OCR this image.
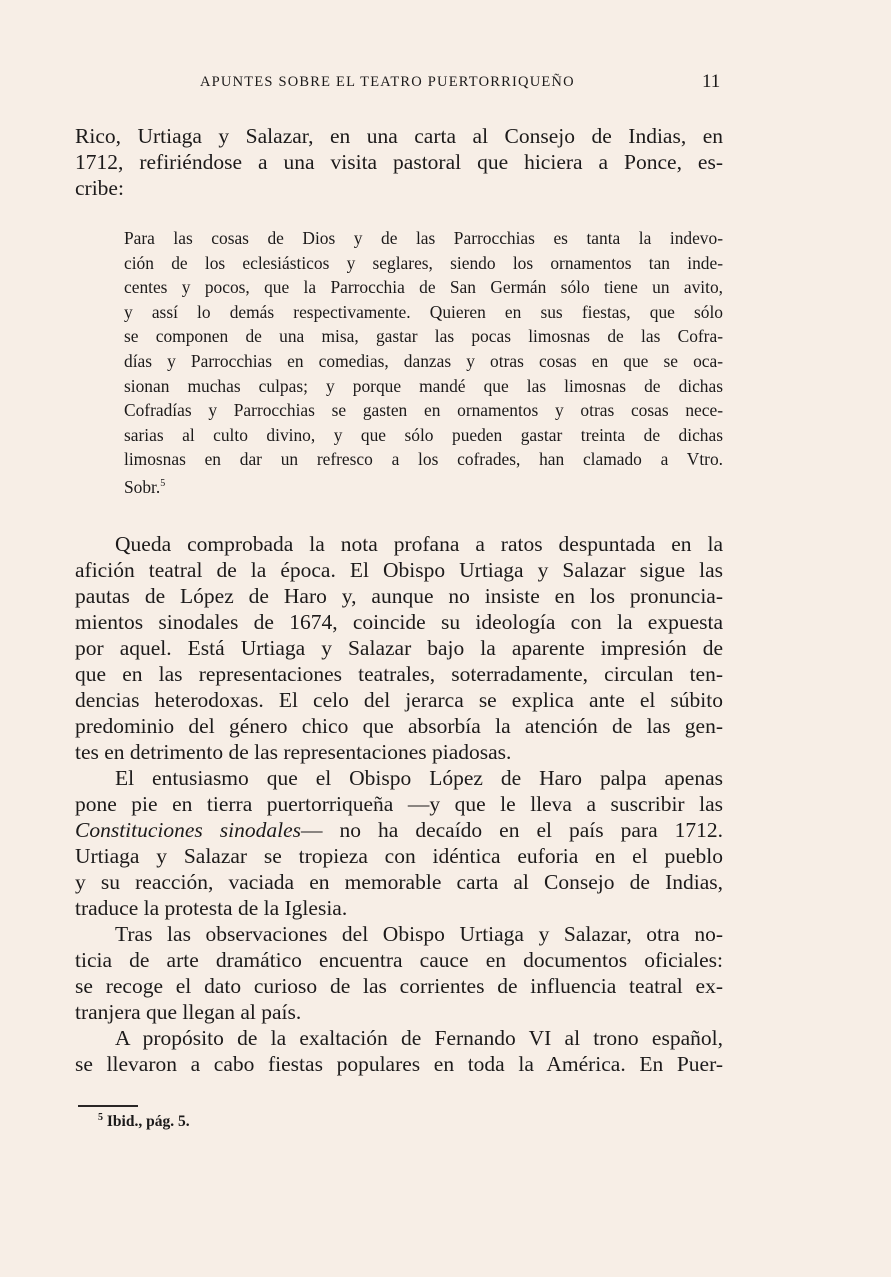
APUNTES SOBRE EL TEATRO PUERTORRIQUEÑO	11

Rico, Urtiaga y Salazar, en una carta al Consejo de Indias, en
1712, refiriéndose a una visita pastoral que hiciera a Ponce, es-
cribe:

Para las cosas de Dios y de las Parrocchias es tanta la indevo-
ción de los eclesiásticos y seglares, siendo los ornamentos tan inde-
centes y pocos, que la Parrocchia de San Germán sólo tiene un avito,
y assí lo demás respectivamente. Quieren en sus fiestas, que sólo
se componen de una misa, gastar las pocas limosnas de las Cofra-
días y Parrocchias en comedias, danzas y otras cosas en que se oca-
sionan muchas culpas; y porque mandé que las limosnas de dichas
Cofradías y Parrocchias se gasten en ornamentos y otras cosas nece-
sarias al culto divino, y que sólo pueden gastar treinta de dichas
limosnas en dar un refresco a los cofrades, han clamado a Vtro.
Sobr.$^5$

Queda comprobada la nota profana a ratos despuntada en la
afición teatral de la época. El Obispo Urtiaga y Salazar sigue las
pautas de López de Haro y, aunque no insiste en los pronuncia-
mientos sinodales de 1674, coincide su ideología con la expuesta
por aquel. Está Urtiaga y Salazar bajo la aparente impresión de
que en las representaciones teatrales, soterradamente, circulan ten-
dencias heterodoxas. El celo del jerarca se explica ante el súbito
predominio del género chico que absorbía la atención de las gen-
tes en detrimento de las representaciones piadosas.

El entusiasmo que el Obispo López de Haro palpa apenas
pone pie en tierra puertorriqueña —y que le lleva a suscribir las
Constituciones sinodales— no ha decaído en el país para 1712.
Urtiaga y Salazar se tropieza con idéntica euforia en el pueblo
y su reacción, vaciada en memorable carta al Consejo de Indias,
traduce la protesta de la Iglesia.

Tras las observaciones del Obispo Urtiaga y Salazar, otra no-
ticia de arte dramático encuentra cauce en documentos oficiales:
se recoge el dato curioso de las corrientes de influencia teatral ex-
tranjera que llegan al país.

A propósito de la exaltación de Fernando VI al trono español,
se llevaron a cabo fiestas populares en toda la América. En Puer-

$^5$ Ibid., pág. 5.
